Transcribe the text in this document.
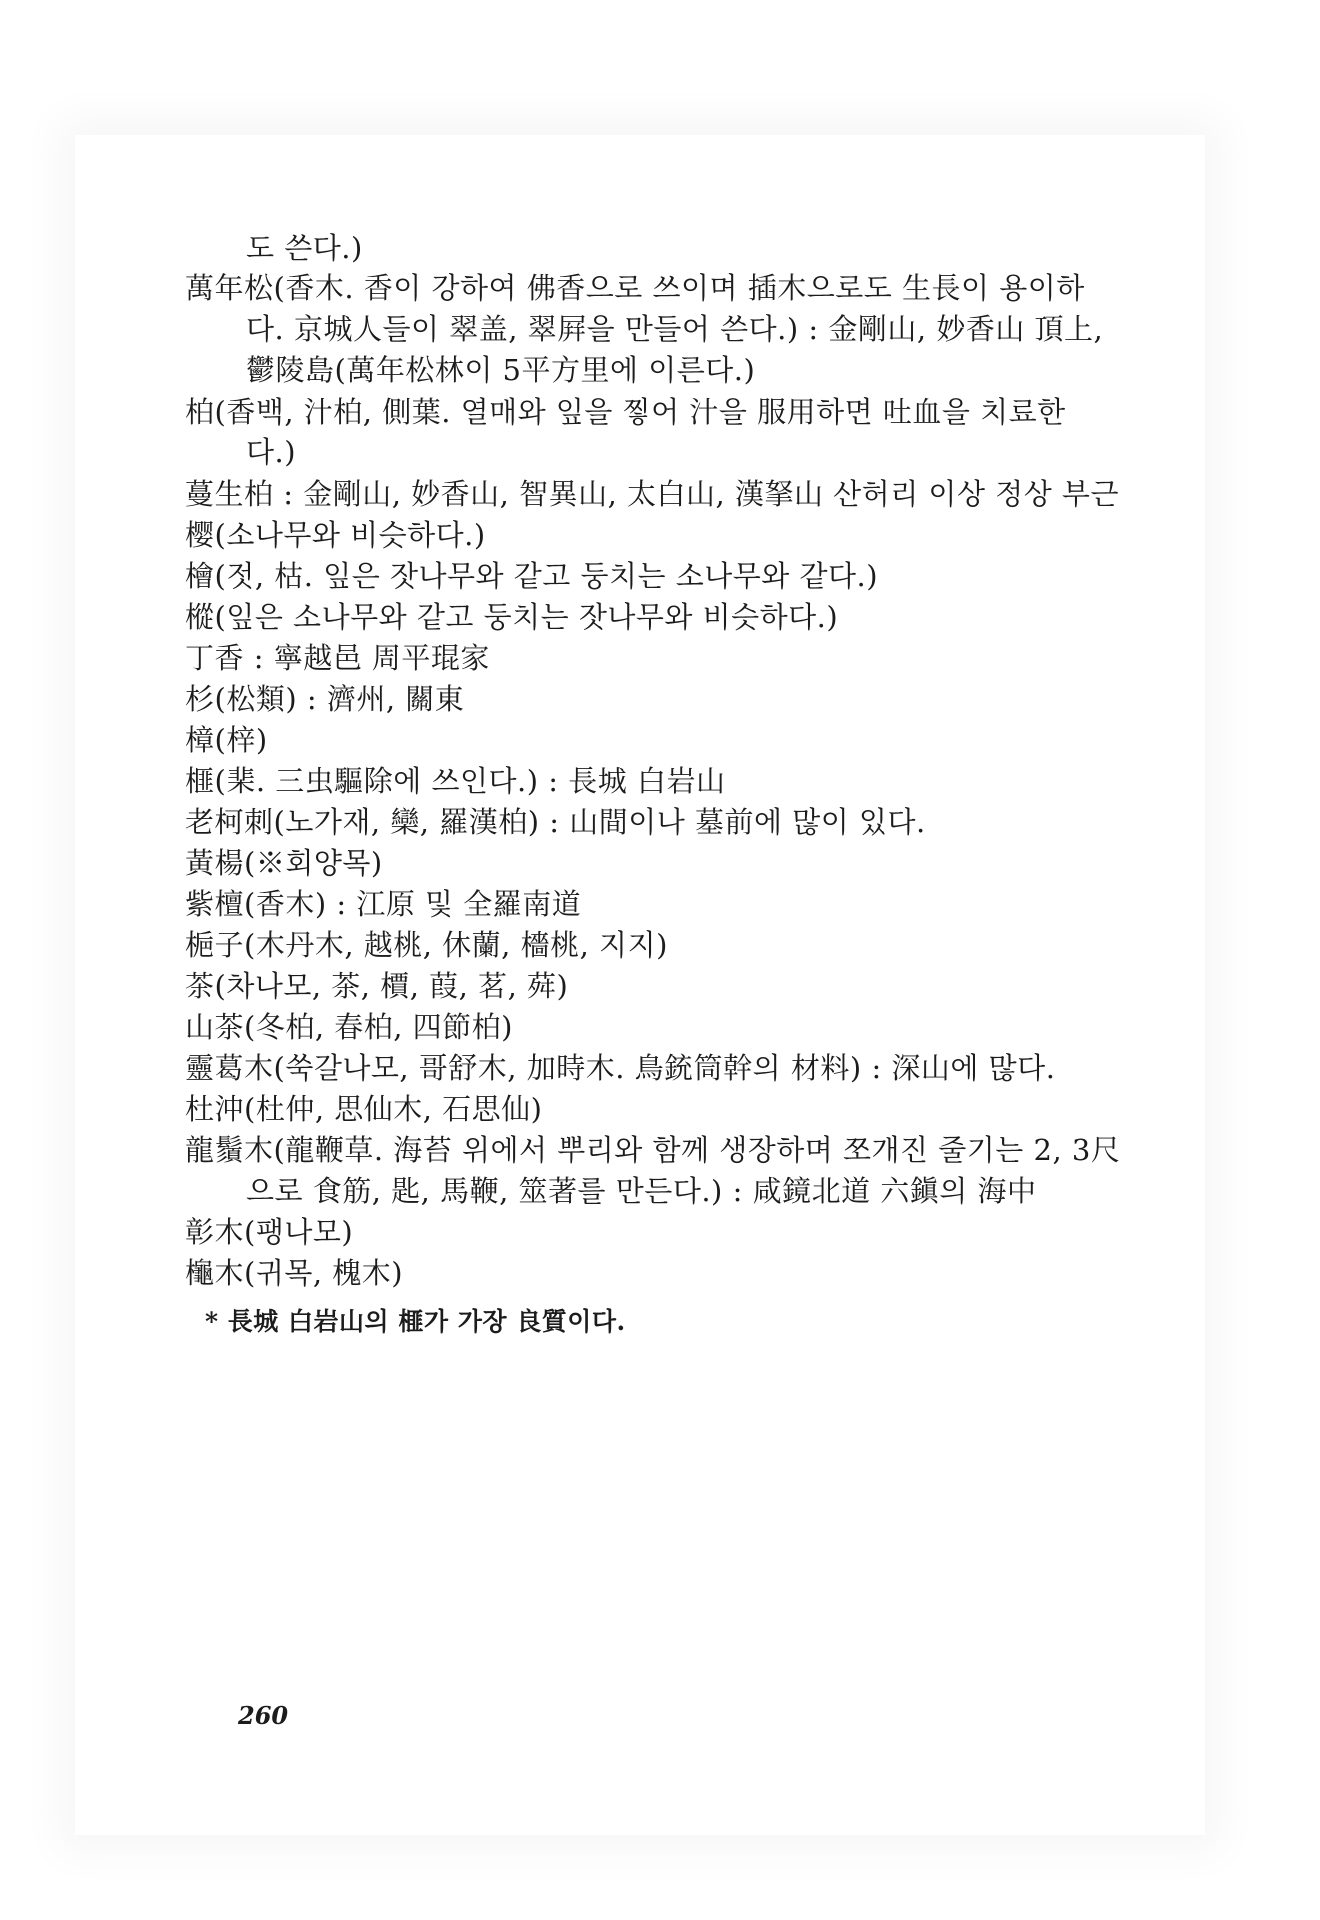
도 쓴다.)
萬年松(香木. 香이 강하여 佛香으로 쓰이며 插木으로도 生長이 용이하
다. 京城人들이 翠盖, 翠屛을 만들어 쓴다.) : 金剛山, 妙香山 頂上,
鬱陵島(萬年松林이 5平方里에 이른다.)
柏(香백, 汁柏, 側葉. 열매와 잎을 찧어 汁을 服用하면 吐血을 치료한
다.)
蔓生柏 : 金剛山, 妙香山, 智異山, 太白山, 漢拏山 산허리 이상 정상 부근
樱(소나무와 비슷하다.)
檜(젓, 枯. 잎은 잣나무와 같고 둥치는 소나무와 같다.)
樅(잎은 소나무와 같고 둥치는 잣나무와 비슷하다.)
丁香 : 寧越邑 周平琨家
杉(松類) : 濟州, 關東
樟(梓)
榧(棐. 三虫驅除에 쓰인다.) : 長城 白岩山
老柯刺(노가재, 欒, 羅漢柏) : 山間이나 墓前에 많이 있다.
黃楊(※회양목)
紫檀(香木) : 江原 및 全羅南道
梔子(木丹木, 越桃, 休蘭, 檣桃, 지지)
茶(차나모, 茶, 檟, 葭, 茗, 荈)
山茶(冬柏, 春柏, 四節柏)
靈葛木(쑥갈나모, 哥舒木, 加時木. 鳥銃筒幹의 材料) : 深山에 많다.
杜沖(杜仲, 思仙木, 石思仙)
龍鬚木(龍鞭草. 海苔 위에서 뿌리와 함께 생장하며 쪼개진 줄기는 2, 3尺
으로 食筋, 匙, 馬鞭, 筮著를 만든다.) : 咸鏡北道 六鎭의 海中
彰木(팽나모)
櫷木(귀목, 槐木)
* 長城 白岩山의 榧가 가장 良質이다.
260
